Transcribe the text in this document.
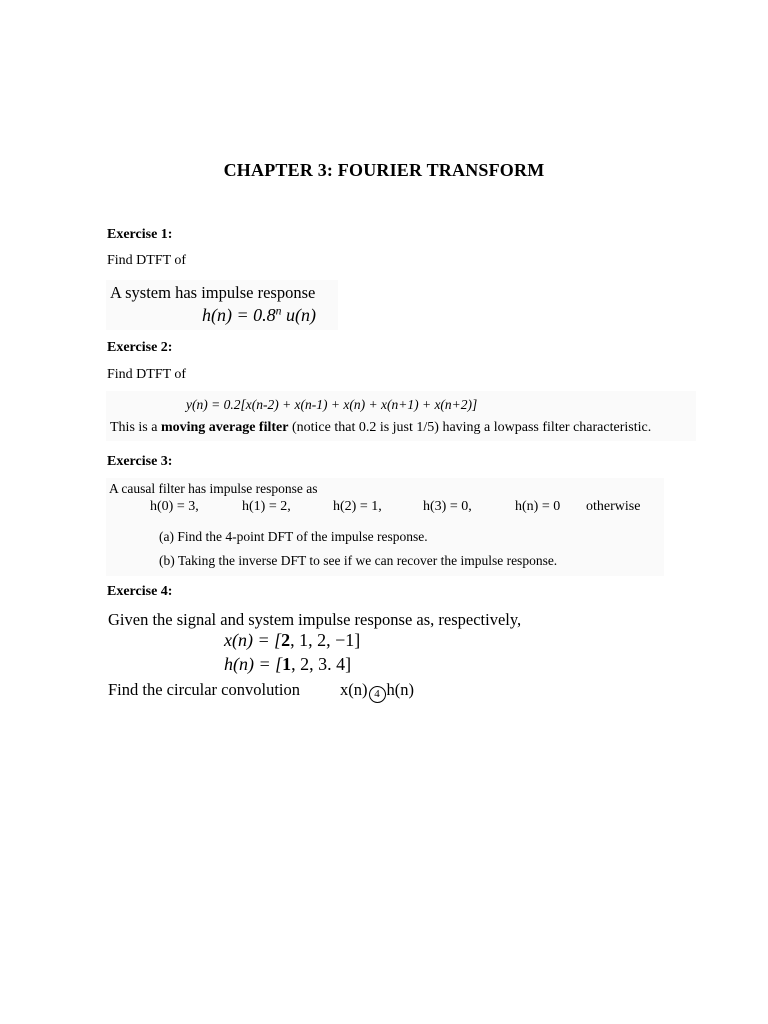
CHAPTER 3: FOURIER TRANSFORM
Exercise 1:
Find DTFT of
A system has impulse response
$h(n) = 0.8^n$ u(n)
Exercise 2:
Find DTFT of
y(n) = 0.2[x(n-2) + x(n-1) + x(n) + x(n+1) + x(n+2)]
This is a moving average filter (notice that 0.2 is just 1/5) having a lowpass filter characteristic.
Exercise 3:
A causal filter has impulse response as
h(0) = 3,	h(1) = 2,	h(2) = 1,	h(3) = 0,	h(n) = 0 otherwise
(a) Find the 4-point DFT of the impulse response.
(b) Taking the inverse DFT to see if we can recover the impulse response.
Exercise 4:
Given the signal and system impulse response as, respectively,
x(n) = [2, 1, 2, −1]
h(n) = [1, 2, 3. 4]
Find the circular convolution x(n) 4 h(n)
